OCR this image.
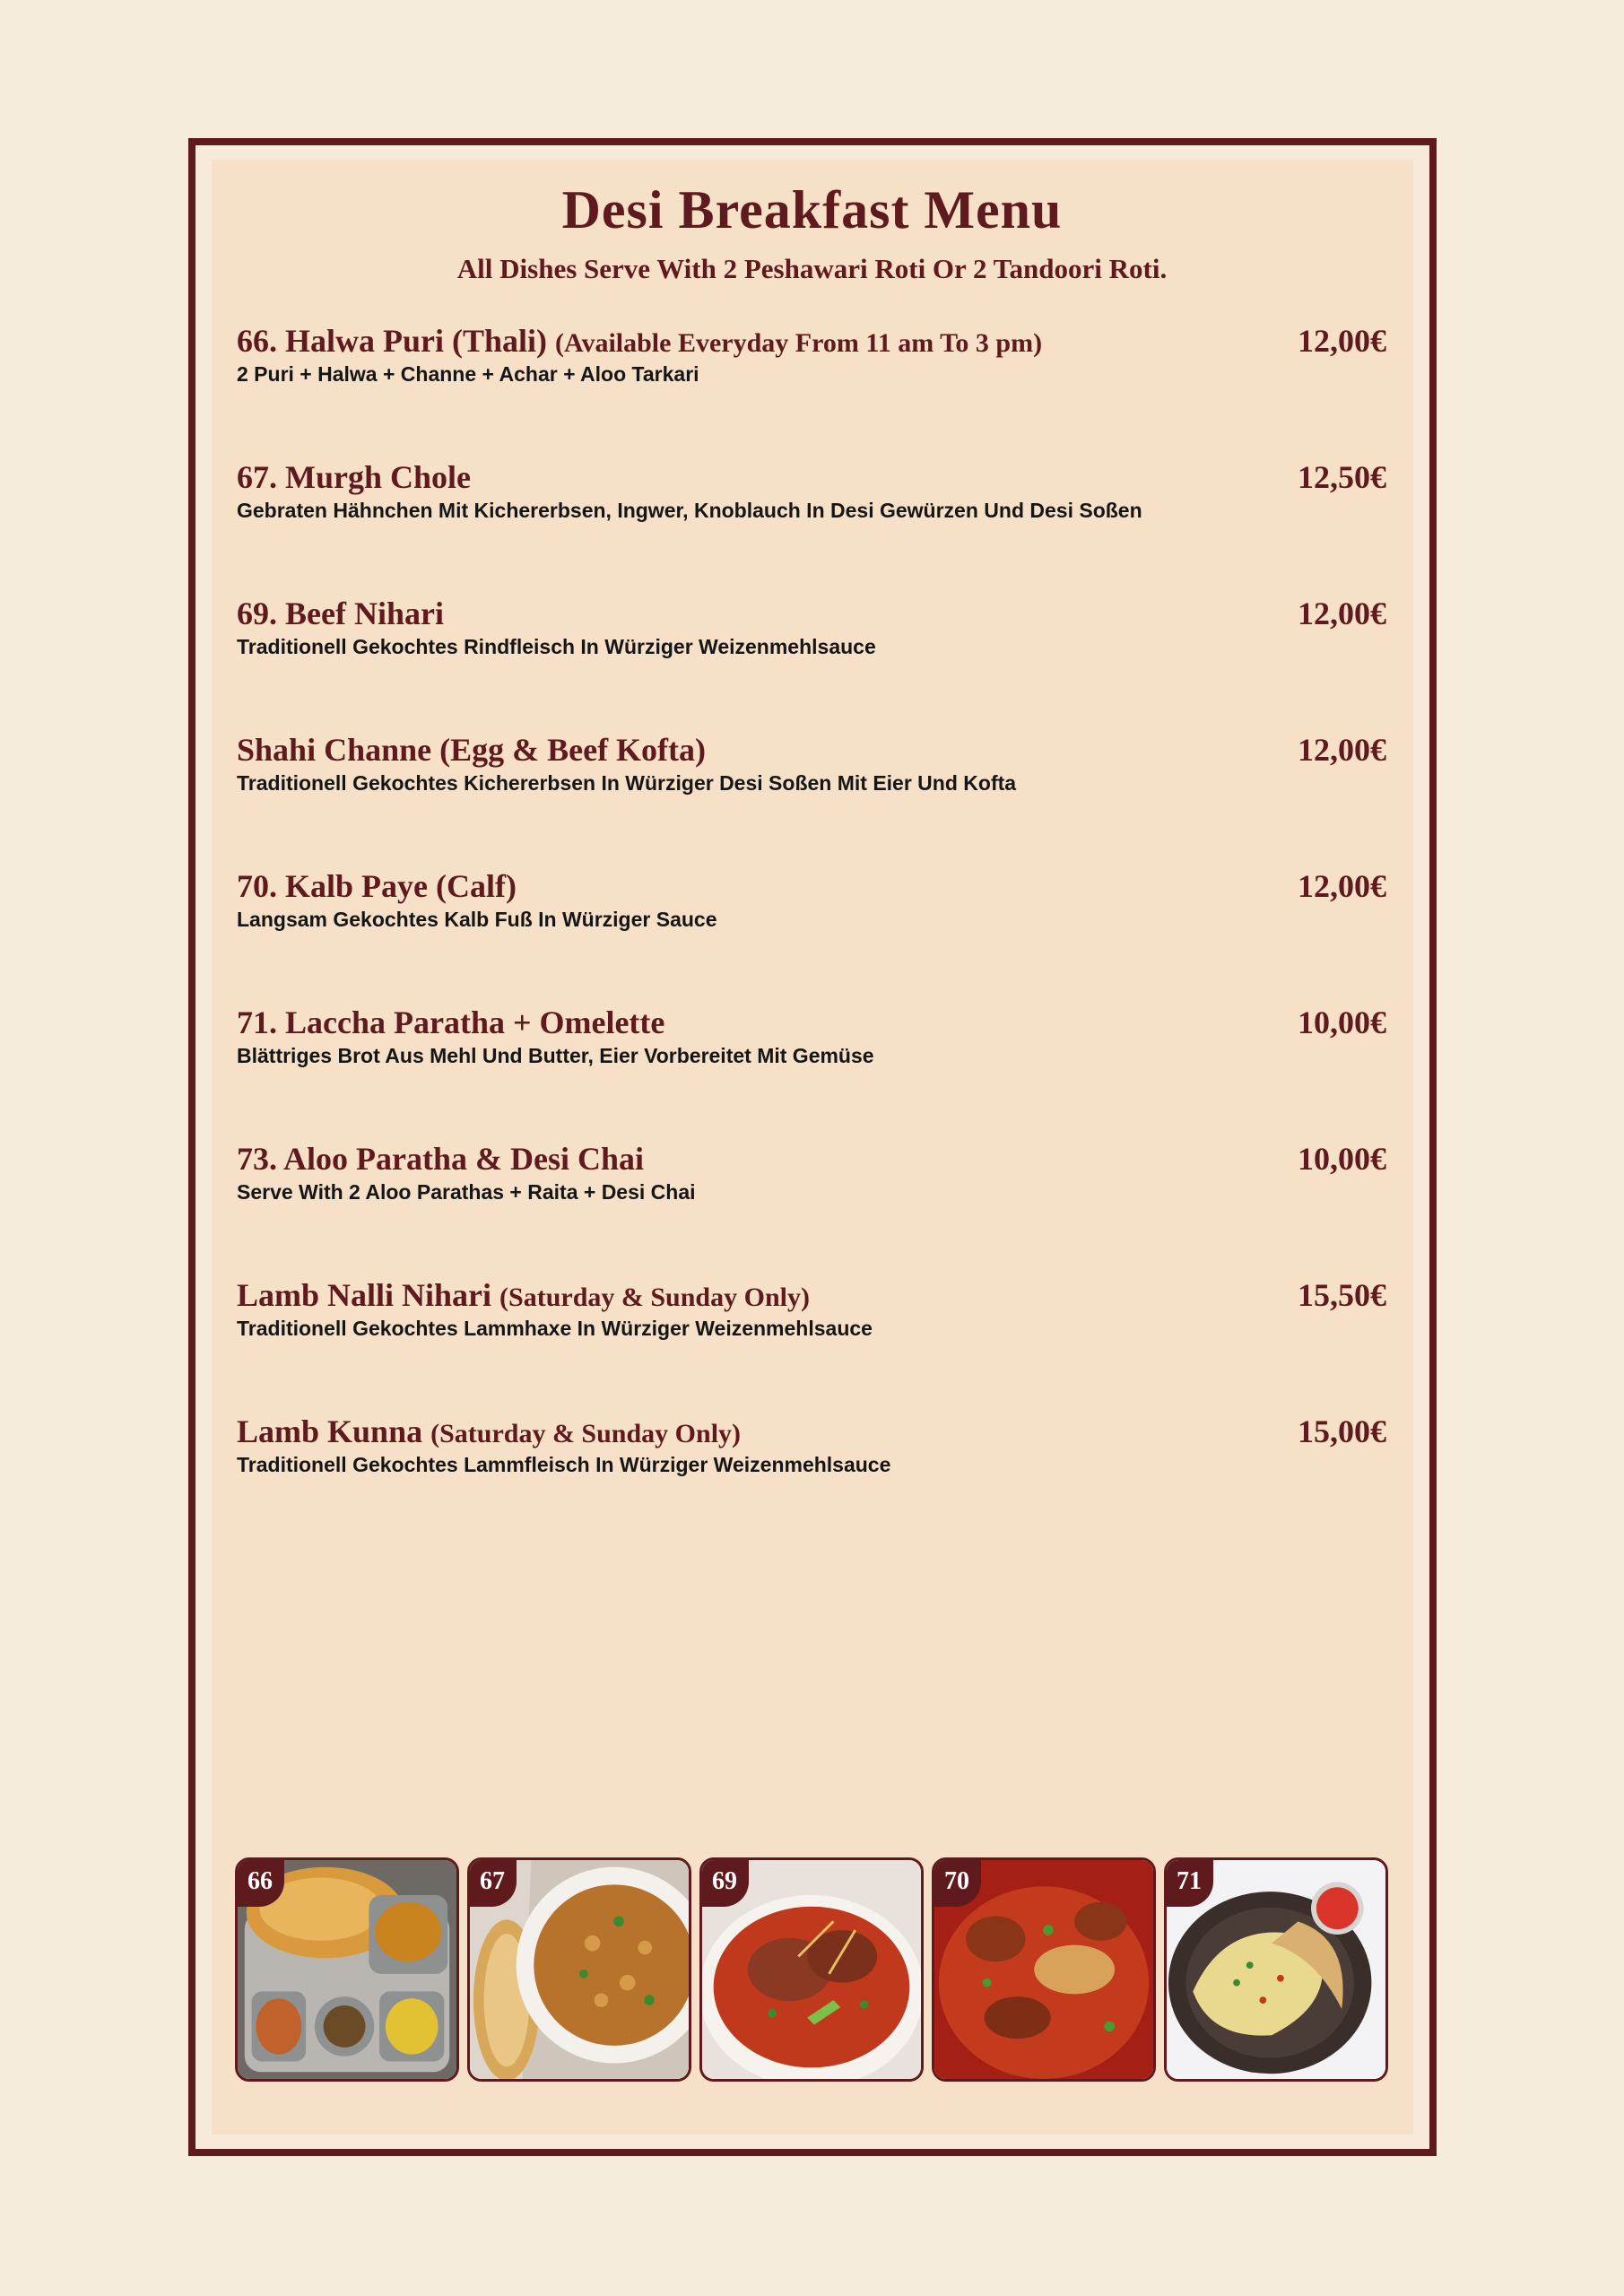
Desi Breakfast Menu

All Dishes Serve With 2 Peshawari Roti Or 2 Tandoori Roti.

66. Halwa Puri (Thali) (Available Everyday From 11 am To 3 pm)	12,00€
2 Puri + Halwa + Channe + Achar + Aloo Tarkari
67. Murgh Chole	12,50€
Gebraten Hähnchen Mit Kichererbsen, Ingwer, Knoblauch In Desi Gewürzen Und Desi Soßen
69. Beef Nihari	12,00€
Traditionell Gekochtes Rindfleisch In Würziger Weizenmehlsauce
Shahi Channe (Egg & Beef Kofta)	12,00€
Traditionell Gekochtes Kichererbsen In Würziger Desi Soßen Mit Eier Und Kofta
70. Kalb Paye (Calf)	12,00€
Langsam Gekochtes Kalb Fuß In Würziger Sauce
71. Laccha Paratha + Omelette	10,00€
Blättriges Brot Aus Mehl Und Butter, Eier Vorbereitet Mit Gemüse
73. Aloo Paratha & Desi Chai	10,00€
Serve With 2 Aloo Parathas + Raita + Desi Chai
Lamb Nalli Nihari (Saturday & Sunday Only)	15,50€
Traditionell Gekochtes Lammhaxe In Würziger Weizenmehlsauce
Lamb Kunna (Saturday & Sunday Only)	15,00€
Traditionell Gekochtes Lammfleisch In Würziger Weizenmehlsauce
66	67	69	70	71
